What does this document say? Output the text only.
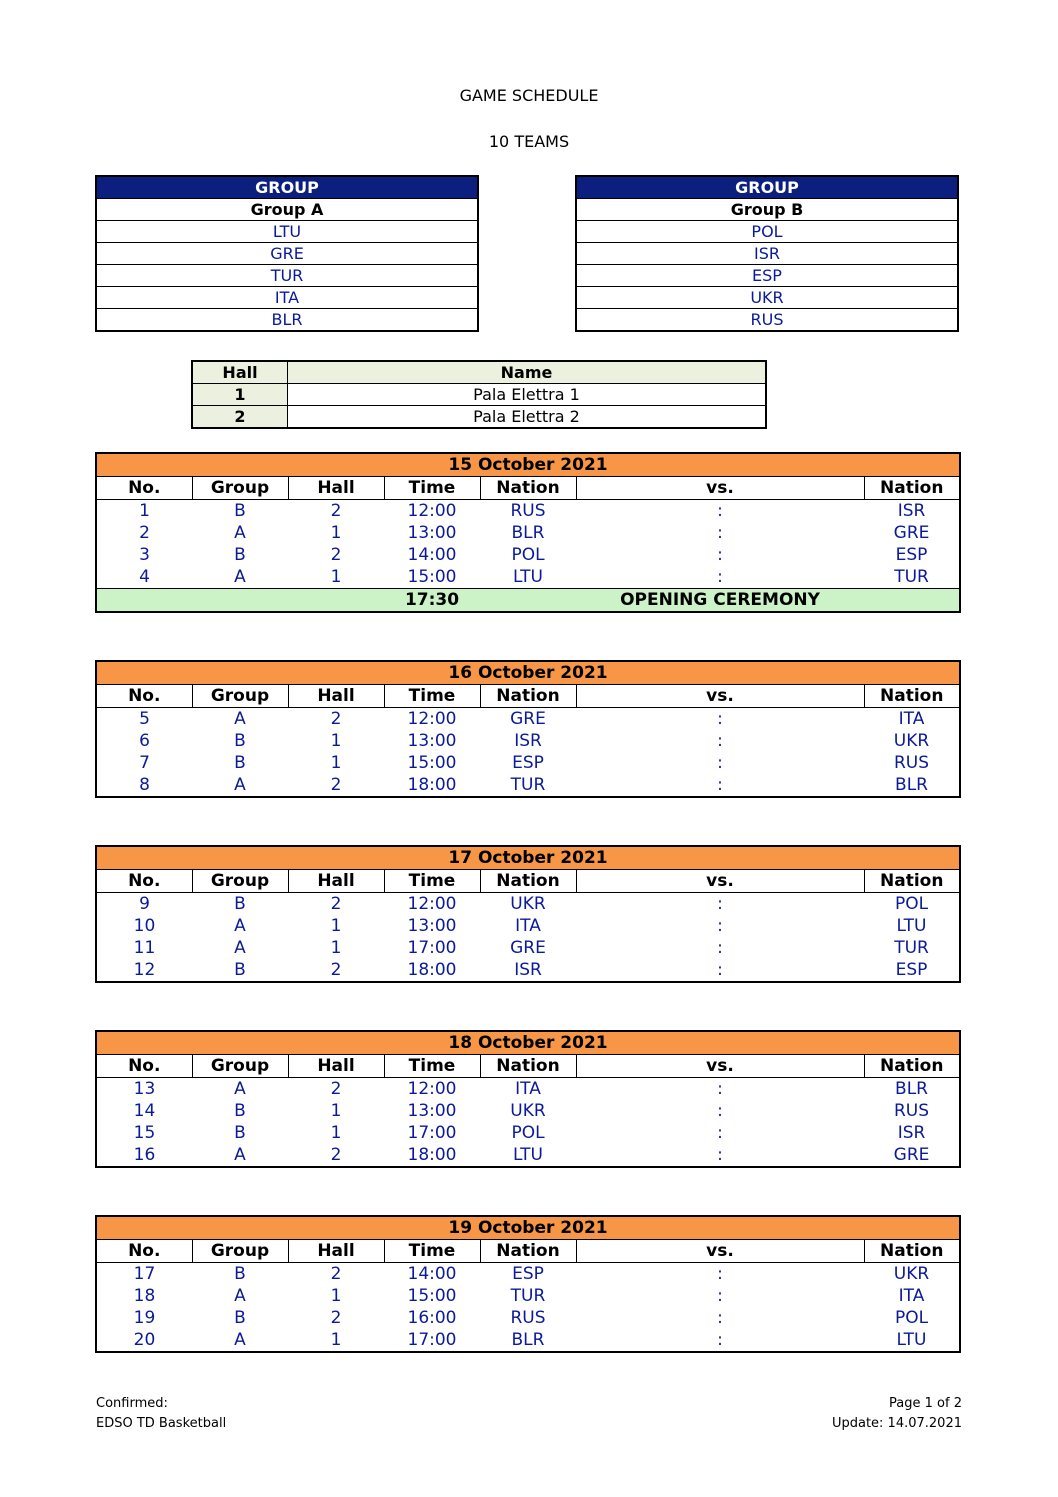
GAME SCHEDULE
10 TEAMS
GROUP
Group A
LTU
GRE
TUR
ITA
BLR
GROUP
Group B
POL
ISR
ESP
UKR
RUS
Hall	Name
1	Pala Elettra 1
2	Pala Elettra 2
15 October 2021						
No.	Group	Hall	Time	Nation	vs.	Nation
1	B	2	12:00	RUS	:	ISR
2	A	1	13:00	BLR	:	GRE
3	B	2	14:00	POL	:	ESP
4	A	1	15:00	LTU	:	TUR
			17:30		OPENING CEREMONY	
16 October 2021						
No.	Group	Hall	Time	Nation	vs.	Nation
5	A	2	12:00	GRE	:	ITA
6	B	1	13:00	ISR	:	UKR
7	B	1	15:00	ESP	:	RUS
8	A	2	18:00	TUR	:	BLR
17 October 2021						
No.	Group	Hall	Time	Nation	vs.	Nation
9	B	2	12:00	UKR	:	POL
10	A	1	13:00	ITA	:	LTU
11	A	1	17:00	GRE	:	TUR
12	B	2	18:00	ISR	:	ESP
18 October 2021						
No.	Group	Hall	Time	Nation	vs.	Nation
13	A	2	12:00	ITA	:	BLR
14	B	1	13:00	UKR	:	RUS
15	B	1	17:00	POL	:	ISR
16	A	2	18:00	LTU	:	GRE
19 October 2021						
No.	Group	Hall	Time	Nation	vs.	Nation
17	B	2	14:00	ESP	:	UKR
18	A	1	15:00	TUR	:	ITA
19	B	2	16:00	RUS	:	POL
20	A	1	17:00	BLR	:	LTU
Confirmed:
EDSO TD Basketball
Page 1 of 2
Update: 14.07.2021
